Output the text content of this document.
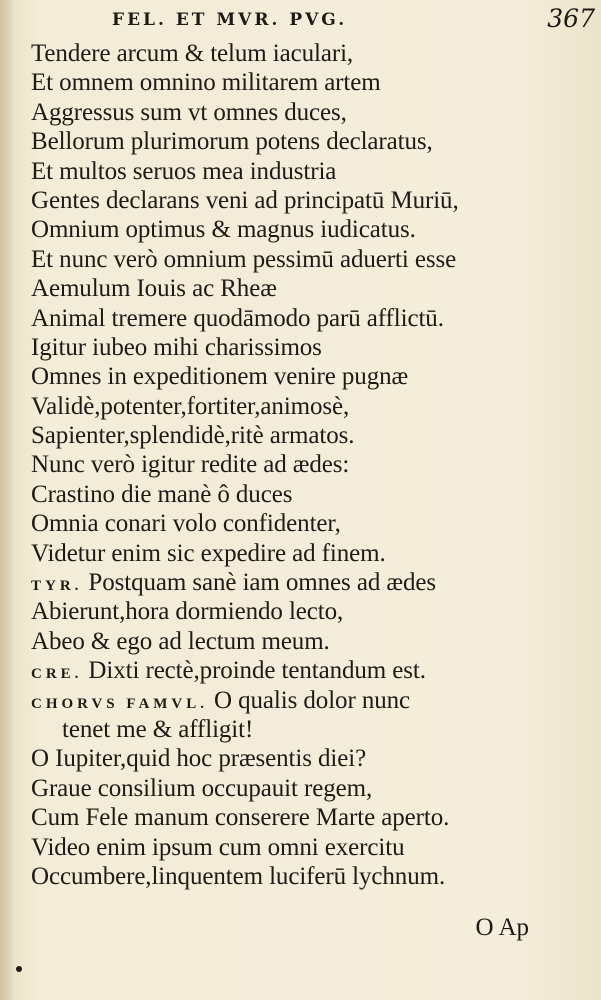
FEL. ET MVR. PVG.	367
Tendere arcum & telum iaculari,
Et omnem omnino militarem artem
Aggressus sum vt omnes duces,
Bellorum plurimorum potens declaratus,
Et multos seruos mea industria
Gentes declarans veni ad principatū Muriū,
Omnium optimus & magnus iudicatus.
Et nunc verò omnium pessimū aduerti esse
Aemulum Iouis ac Rheæ
Animal tremere quodāmodo parū afflictū.
Igitur iubeo mihi charissimos
Omnes in expeditionem venire pugnæ
Validè,potenter,fortiter,animosè,
Sapienter,splendidè,ritè armatos.
Nunc verò igitur redite ad ædes:
Crastino die manè ô duces
Omnia conari volo confidenter,
Videtur enim sic expedire ad finem.
TYR. Postquam sanè iam omnes ad ædes
Abierunt,hora dormiendo lecto,
Abeo & ego ad lectum meum.
CRE. Dixti rectè,proinde tentandum est.
CHORVS FAMVL. O qualis dolor nunc
tenet me & affligit!
O Iupiter,quid hoc præsentis diei?
Graue consilium occupauit regem,
Cum Fele manum conserere Marte aperto.
Video enim ipsum cum omni exercitu
Occumbere,linquentem luciferū lychnum.
O Ap
